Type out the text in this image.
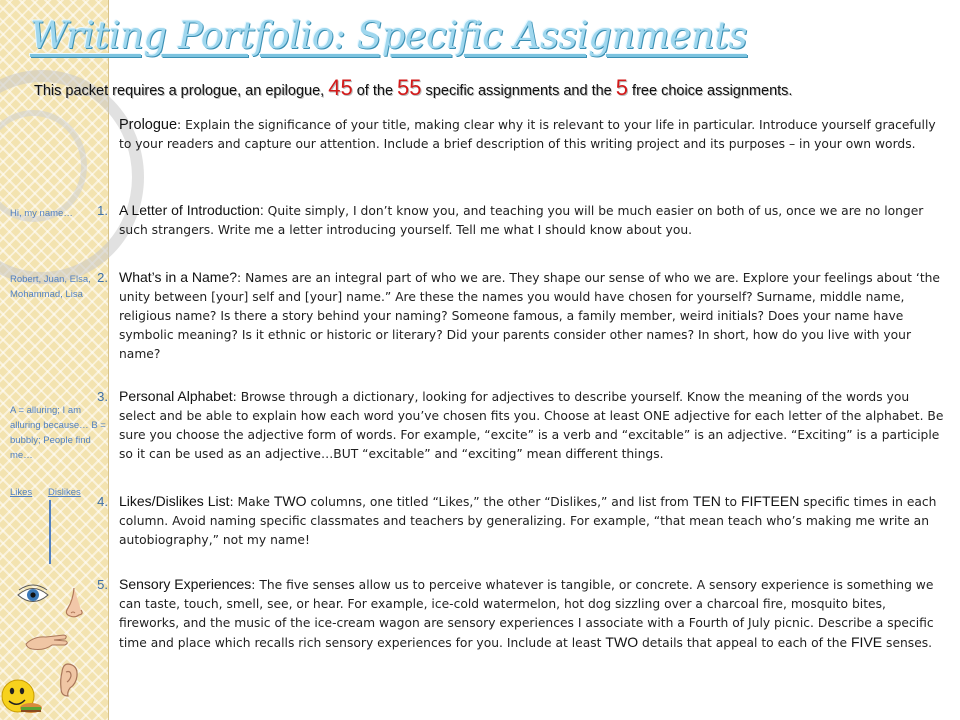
Writing Portfolio: Specific Assignments

This packet requires a prologue, an epilogue, 45 of the 55 specific assignments and the 5 free choice assignments.

Prologue: Explain the significance of your title, making clear why it is relevant to your life in particular. Introduce yourself gracefully to your readers and capture our attention. Include a brief description of this writing project and its purposes – in your own words.
1. A Letter of Introduction: Quite simply, I don’t know you, and teaching you will be much easier on both of us, once we are no longer such strangers. Write me a letter introducing yourself. Tell me what I should know about you.
2. What’s in a Name?: Names are an integral part of who we are. They shape our sense of who we are. Explore your feelings about ‘the unity between [your] self and [your] name.” Are these the names you would have chosen for yourself? Surname, middle name, religious name? Is there a story behind your naming? Someone famous, a family member, weird initials? Does your name have symbolic meaning? Is it ethnic or historic or literary? Did your parents consider other names? In short, how do you live with your name?
3. Personal Alphabet: Browse through a dictionary, looking for adjectives to describe yourself. Know the meaning of the words you select and be able to explain how each word you’ve chosen fits you. Choose at least ONE adjective for each letter of the alphabet. Be sure you choose the adjective form of words. For example, “excite” is a verb and “excitable” is an adjective. “Exciting” is a participle so it can be used as an adjective…BUT “excitable” and “exciting” mean different things.
4. Likes/Dislikes List: Make TWO columns, one titled “Likes,” the other “Dislikes,” and list from TEN to FIFTEEN specific times in each column. Avoid naming specific classmates and teachers by generalizing. For example, “that mean teach who’s making me write an autobiography,” not my name!
5. Sensory Experiences: The five senses allow us to perceive whatever is tangible, or concrete. A sensory experience is something we can taste, touch, smell, see, or hear. For example, ice-cold watermelon, hot dog sizzling over a charcoal fire, mosquito bites, fireworks, and the music of the ice-cream wagon are sensory experiences I associate with a Fourth of July picnic. Describe a specific time and place which recalls rich sensory experiences for you. Include at least TWO details that appeal to each of the FIVE senses.
Hi, my name…
Robert, Juan, Elsa, Mohammad, Lisa
A = alluring; I am alluring because… B = bubbly; People find me…
Likes Dislikes
